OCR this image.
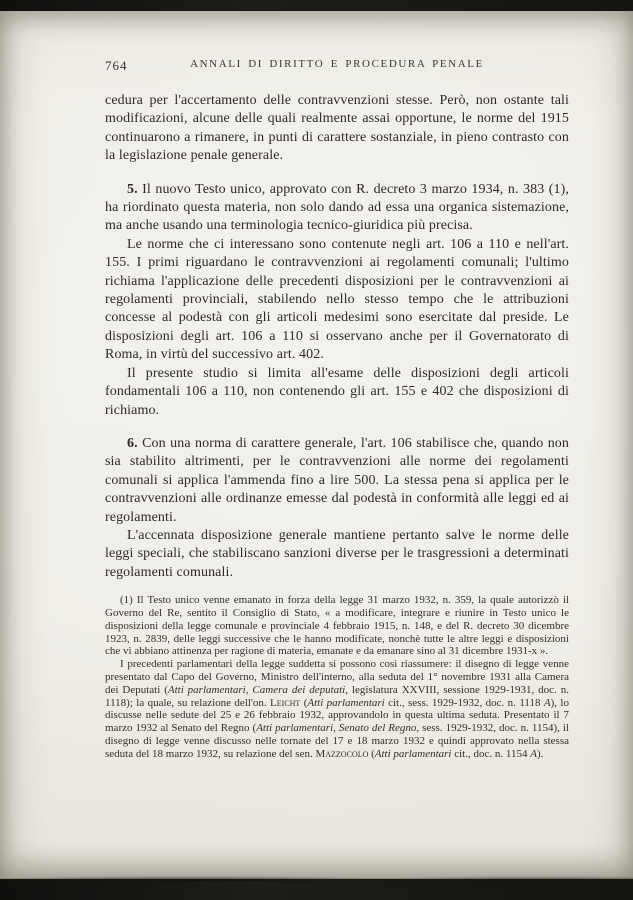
764	ANNALI DI DIRITTO E PROCEDURA PENALE

cedura per l'accertamento delle contravvenzioni stesse. Però, non ostante tali modificazioni, alcune delle quali realmente assai opportune, le norme del 1915 continuarono a rimanere, in punti di carattere sostanziale, in pieno contrasto con la legislazione penale generale.

5. Il nuovo Testo unico, approvato con R. decreto 3 marzo 1934, n. 383 (1), ha riordinato questa materia, non solo dando ad essa una organica sistemazione, ma anche usando una terminologia tecnico-giuridica più precisa.

Le norme che ci interessano sono contenute negli art. 106 a 110 e nell'art. 155. I primi riguardano le contravvenzioni ai regolamenti comunali; l'ultimo richiama l'applicazione delle precedenti disposizioni per le contravvenzioni ai regolamenti provinciali, stabilendo nello stesso tempo che le attribuzioni concesse al podestà con gli articoli medesimi sono esercitate dal preside. Le disposizioni degli art. 106 a 110 si osservano anche per il Governatorato di Roma, in virtù del successivo art. 402.

Il presente studio si limita all'esame delle disposizioni degli articoli fondamentali 106 a 110, non contenendo gli art. 155 e 402 che disposizioni di richiamo.

6. Con una norma di carattere generale, l'art. 106 stabilisce che, quando non sia stabilito altrimenti, per le contravvenzioni alle norme dei regolamenti comunali si applica l'ammenda fino a lire 500. La stessa pena si applica per le contravvenzioni alle ordinanze emesse dal podestà in conformità alle leggi ed ai regolamenti.

L'accennata disposizione generale mantiene pertanto salve le norme delle leggi speciali, che stabiliscano sanzioni diverse per le trasgressioni a determinati regolamenti comunali.

(1) Il Testo unico venne emanato in forza della legge 31 marzo 1932, n. 359, la quale autorizzò il Governo del Re, sentito il Consiglio di Stato, « a modificare, integrare e riunire in Testo unico le disposizioni della legge comunale e provinciale 4 febbraio 1915, n. 148, e del R. decreto 30 dicembre 1923, n. 2839, delle leggi successive che le hanno modificate, nonchè tutte le altre leggi e disposizioni che vi abbiano attinenza per ragione di materia, emanate e da emanare sino al 31 dicembre 1931-x ».

I precedenti parlamentari della legge suddetta si possono così riassumere: il disegno di legge venne presentato dal Capo del Governo, Ministro dell'interno, alla seduta del 1° novembre 1931 alla Camera dei Deputati (Atti parlamentari, Camera dei deputati, legislatura XXVIII, sessione 1929-1931, doc. n. 1118); la quale, su relazione dell'on. Leicht (Atti parlamentari cit., sess. 1929-1932, doc. n. 1118 A), lo discusse nelle sedute del 25 e 26 febbraio 1932, approvandolo in questa ultima seduta. Presentato il 7 marzo 1932 al Senato del Regno (Atti parlamentari, Senato del Regno, sess. 1929-1932, doc. n. 1154), il disegno di legge venne discusso nelle tornate del 17 e 18 marzo 1932 e quindi approvato nella stessa seduta del 18 marzo 1932, su relazione del sen. Mazzocolo (Atti parlamentari cit., doc. n. 1154 A).
